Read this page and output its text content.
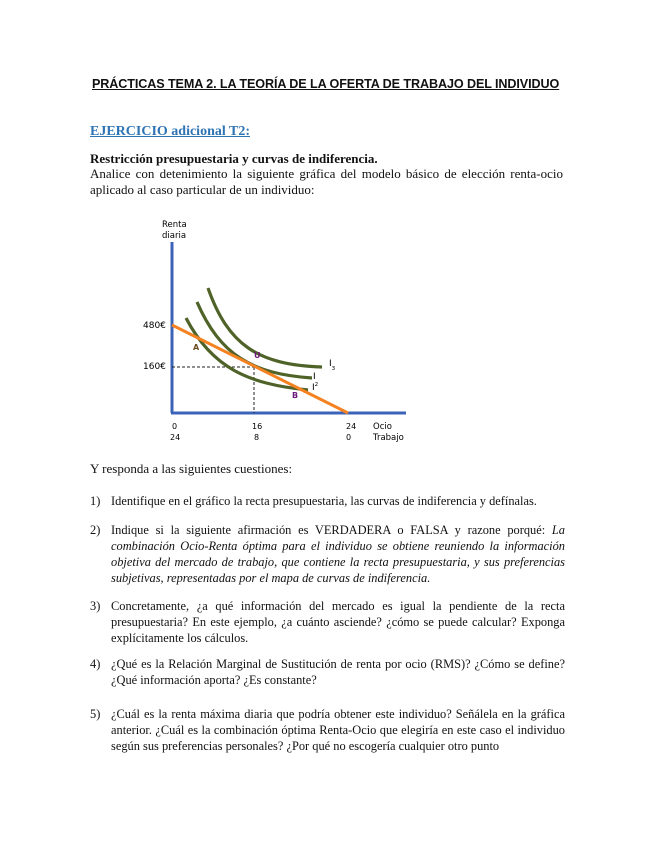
PRÁCTICAS TEMA 2. LA TEORÍA DE LA OFERTA DE TRABAJO DEL INDIVIDUO
EJERCICIO adicional T2:
Restricción presupuestaria y curvas de indiferencia.
Analice con detenimiento la siguiente gráfica del modelo básico de elección renta-ocio aplicado al caso particular de un individuo:
Renta
diaria
Ocio
Trabajo
480€
160€
0	16	24
24	8	0
A
U
B
$I_3$
I
$I^2$
Y responda a las siguientes cuestiones:
1) Identifique en el gráfico la recta presupuestaria, las curvas de indiferencia y defínalas.
2) Indique si la siguiente afirmación es VERDADERA o FALSA y razone porqué: La combinación Ocio-Renta óptima para el individuo se obtiene reuniendo la información objetiva del mercado de trabajo, que contiene la recta presupuestaria, y sus preferencias subjetivas, representadas por el mapa de curvas de indiferencia.
3) Concretamente, ¿a qué información del mercado es igual la pendiente de la recta presupuestaria? En este ejemplo, ¿a cuánto asciende? ¿cómo se puede calcular? Exponga explícitamente los cálculos.
4) ¿Qué es la Relación Marginal de Sustitución de renta por ocio (RMS)? ¿Cómo se define? ¿Qué información aporta? ¿Es constante?
5) ¿Cuál es la renta máxima diaria que podría obtener este individuo? Señálela en la gráfica anterior. ¿Cuál es la combinación óptima Renta-Ocio que elegiría en este caso el individuo según sus preferencias personales? ¿Por qué no escogería cualquier otro punto
